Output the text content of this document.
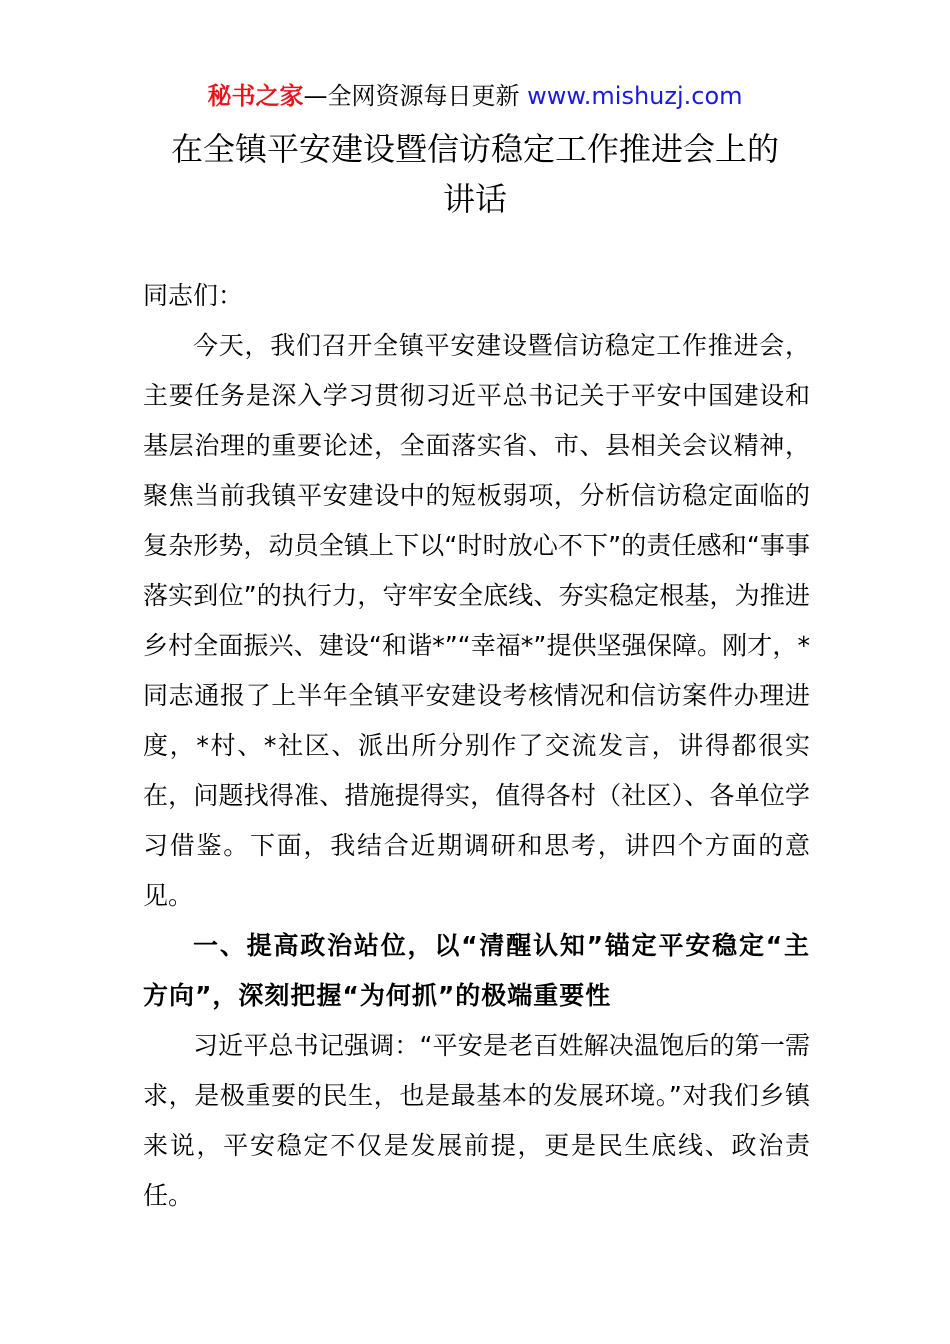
秘书之家—全网资源每日更新 www.mishuzj.com
在全镇平安建设暨信访稳定工作推进会上的
讲话

同志们：

今天，我们召开全镇平安建设暨信访稳定工作推进会，主要任务是深入学习贯彻习近平总书记关于平安中国建设和基层治理的重要论述，全面落实省、市、县相关会议精神，聚焦当前我镇平安建设中的短板弱项，分析信访稳定面临的复杂形势，动员全镇上下以“时时放心不下”的责任感和“事事落实到位”的执行力，守牢安全底线、夯实稳定根基，为推进乡村全面振兴、建设“和谐*”“幸福*”提供坚强保障。刚才，*同志通报了上半年全镇平安建设考核情况和信访案件办理进度，*村、*社区、派出所分别作了交流发言，讲得都很实在，问题找得准、措施提得实，值得各村（社区）、各单位学习借鉴。下面，我结合近期调研和思考，讲四个方面的意见。

一、提高政治站位，以“清醒认知”锚定平安稳定“主方向”，深刻把握“为何抓”的极端重要性

习近平总书记强调：“平安是老百姓解决温饱后的第一需求，是极重要的民生，也是最基本的发展环境。”对我们乡镇来说，平安稳定不仅是发展前提，更是民生底线、政治责任。
